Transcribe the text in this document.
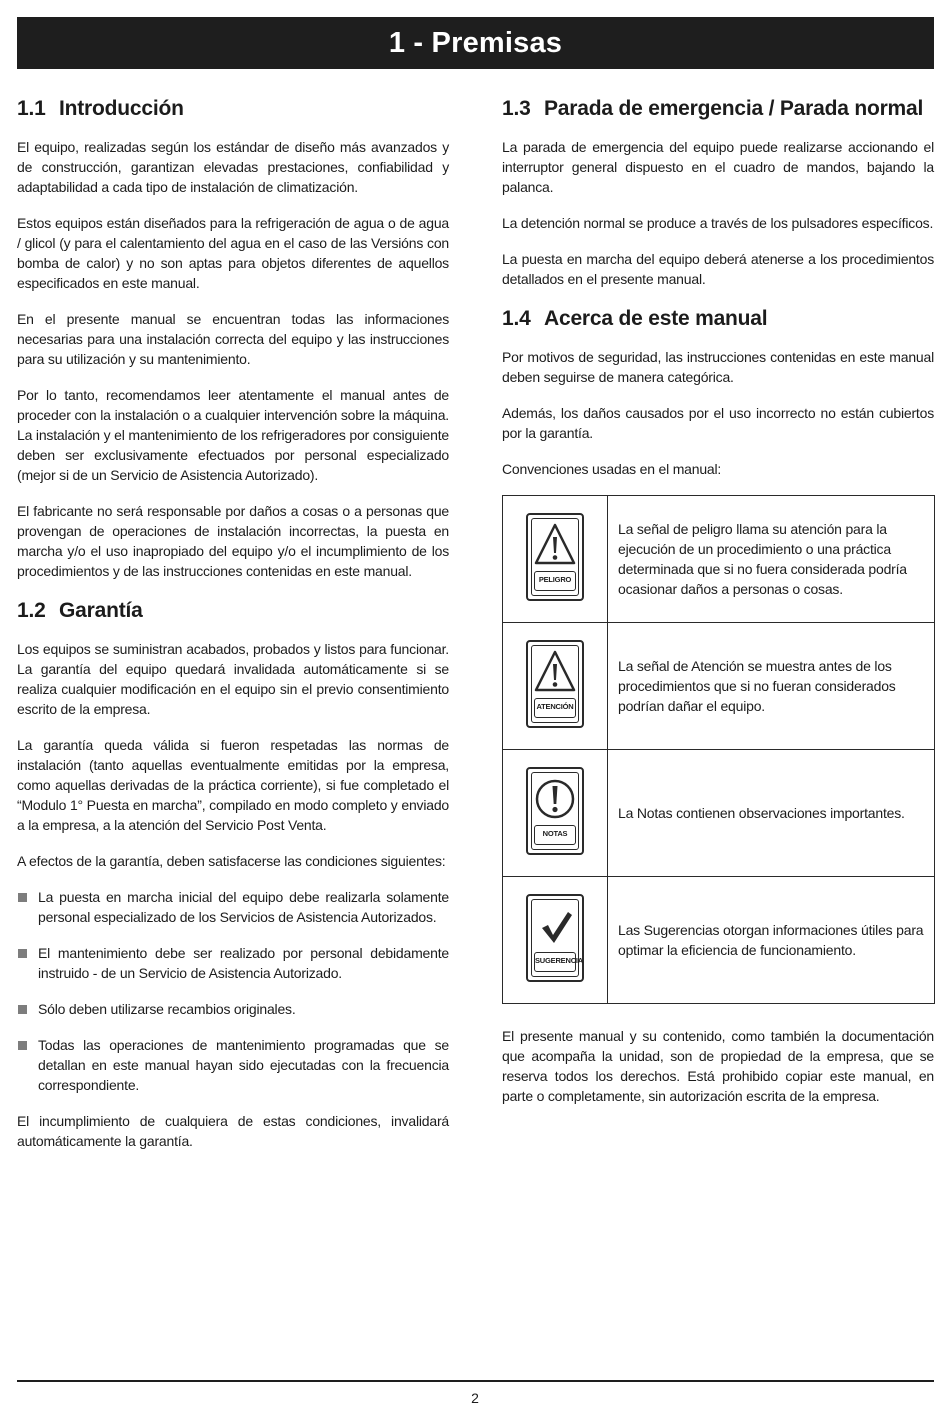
1 - Premisas
1.1 Introducción

El equipo, realizadas según los estándar de diseño más avanzados y de construcción, garantizan elevadas prestaciones, confiabilidad y adaptabilidad a cada tipo de instalación de climatización.

Estos equipos están diseñados para la refrigeración de agua o de agua / glicol (y para el calentamiento del agua en el caso de las Versións con bomba de calor) y no son aptas para objetos diferentes de aquellos especificados en este manual.

En el presente manual se encuentran todas las informaciones necesarias para una instalación correcta del equipo y las instrucciones para su utilización y su mantenimiento.

Por lo tanto, recomendamos leer atentamente el manual antes de proceder con la instalación o a cualquier intervención sobre la máquina. La instalación y el mantenimiento de los refrigeradores por consiguiente deben ser exclusivamente efectuados por personal especializado (mejor si de un Servicio de Asistencia Autorizado).

El fabricante no será responsable por daños a cosas o a personas que provengan de operaciones de instalación incorrectas, la puesta en marcha y/o el uso inapropiado del equipo y/o el incumplimiento de los procedimientos y de las instrucciones contenidas en este manual.

1.2 Garantía

Los equipos se suministran acabados, probados y listos para funcionar. La garantía del equipo quedará invalidada automáticamente si se realiza cualquier modificación en el equipo sin el previo consentimiento escrito de la empresa.

La garantía queda válida si fueron respetadas las normas de instalación (tanto aquellas eventualmente emitidas por la empresa, como aquellas derivadas de la práctica corriente), si fue completado el “Modulo 1° Puesta en marcha”, compilado en modo completo y enviado a la empresa, a la atención del Servicio Post Venta.

A efectos de la garantía, deben satisfacerse las condiciones siguientes:

La puesta en marcha inicial del equipo debe realizarla solamente personal especializado de los Servicios de Asistencia Autorizados.
El mantenimiento debe ser realizado por personal debidamente instruido - de un Servicio de Asistencia Autorizado.
Sólo deben utilizarse recambios originales.
Todas las operaciones de mantenimiento programadas que se detallan en este manual hayan sido ejecutadas con la frecuencia correspondiente.

El incumplimiento de cualquiera de estas condiciones, invalidará automáticamente la garantía.

1.3 Parada de emergencia / Parada normal

La parada de emergencia del equipo puede realizarse accionando el interruptor general dispuesto en el cuadro de mandos, bajando la palanca.

La detención normal se produce a través de los pulsadores específicos.

La puesta en marcha del equipo deberá atenerse a los procedimientos detallados en el presente manual.

1.4 Acerca de este manual

Por motivos de seguridad, las instrucciones contenidas en este manual deben seguirse de manera categórica.

Además, los daños causados por el uso incorrecto no están cubiertos por la garantía.

Convenciones usadas en el manual:

PELIGRO	La señal de peligro llama su atención para la ejecución de un procedimiento o una práctica determinada que si no fuera considerada podría ocasionar daños a personas o cosas.

ATENCIÓN	La señal de Atención se muestra antes de los procedimientos que si no fueran considerados podrían dañar el equipo.

NOTAS	La Notas contienen observaciones importantes.

SUGERENCIA	Las Sugerencias otorgan informaciones útiles para optimar la eficiencia de funcionamiento.

El presente manual y su contenido, como también la documentación que acompaña la unidad, son de propiedad de la empresa, que se reserva todos los derechos. Está prohibido copiar este manual, en parte o completamente, sin autorización escrita de la empresa.

2
